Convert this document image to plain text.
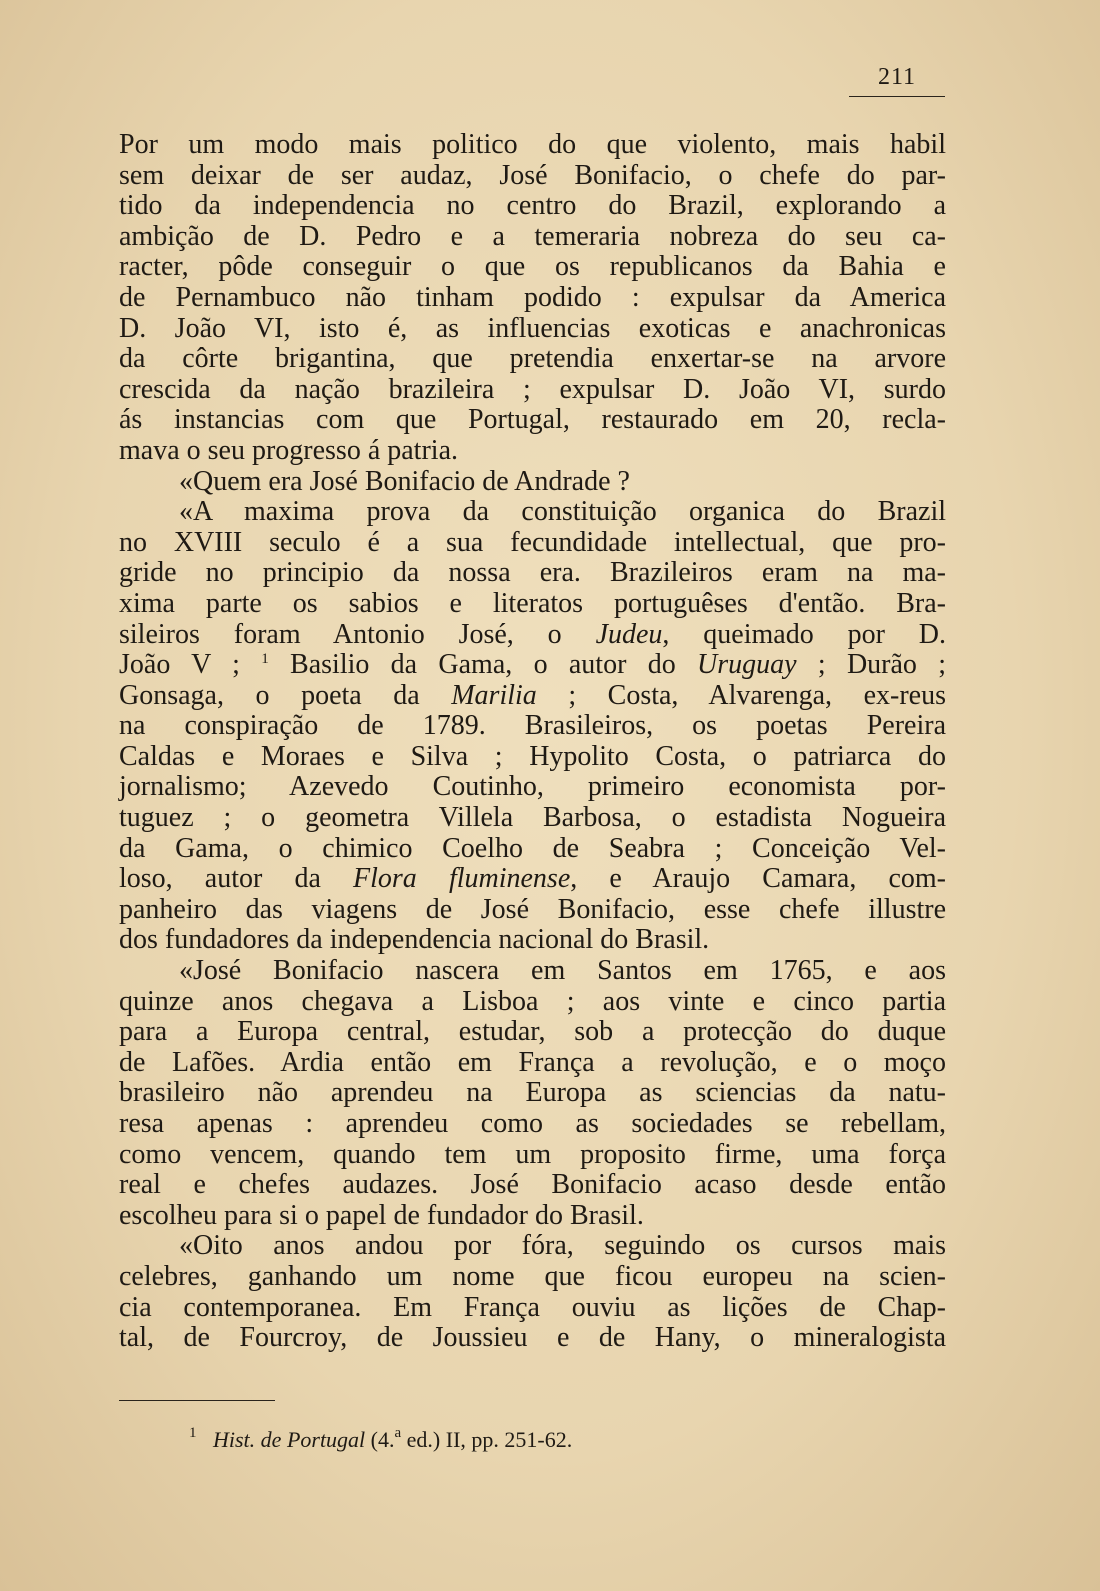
211
Por um modo mais politico do que violento, mais habil
sem deixar de ser audaz, José Bonifacio, o chefe do par-
tido da independencia no centro do Brazil, explorando a
ambição de D. Pedro e a temeraria nobreza do seu ca-
racter, pôde conseguir o que os republicanos da Bahia e
de Pernambuco não tinham podido : expulsar da America
D. João VI, isto é, as influencias exoticas e anachronicas
da côrte brigantina, que pretendia enxertar-se na arvore
crescida da nação brazileira ; expulsar D. João VI, surdo
ás instancias com que Portugal, restaurado em 20, recla-
mava o seu progresso á patria.
«Quem era José Bonifacio de Andrade ?
«A maxima prova da constituição organica do Brazil
no XVIII seculo é a sua fecundidade intellectual, que pro-
gride no principio da nossa era. Brazileiros eram na ma-
xima parte os sabios e literatos portuguêses d'então. Bra-
sileiros foram Antonio José, o Judeu, queimado por D.
João V ; $^1$ Basilio da Gama, o autor do Uruguay ; Durão ;
Gonsaga, o poeta da Marilia ; Costa, Alvarenga, ex-reus
na conspiração de 1789. Brasileiros, os poetas Pereira
Caldas e Moraes e Silva ; Hypolito Costa, o patriarca do
jornalismo; Azevedo Coutinho, primeiro economista por-
tuguez ; o geometra Villela Barbosa, o estadista Nogueira
da Gama, o chimico Coelho de Seabra ; Conceição Vel-
loso, autor da Flora fluminense, e Araujo Camara, com-
panheiro das viagens de José Bonifacio, esse chefe illustre
dos fundadores da independencia nacional do Brasil.
«José Bonifacio nascera em Santos em 1765, e aos
quinze anos chegava a Lisboa ; aos vinte e cinco partia
para a Europa central, estudar, sob a protecção do duque
de Lafões. Ardia então em França a revolução, e o moço
brasileiro não aprendeu na Europa as sciencias da natu-
resa apenas : aprendeu como as sociedades se rebellam,
como vencem, quando tem um proposito firme, uma força
real e chefes audazes. José Bonifacio acaso desde então
escolheu para si o papel de fundador do Brasil.
«Oito anos andou por fóra, seguindo os cursos mais
celebres, ganhando um nome que ficou europeu na scien-
cia contemporanea. Em França ouviu as lições de Chap-
tal, de Fourcroy, de Joussieu e de Hany, o mineralogista
$^1$ Hist. de Portugal (4.$^a$ ed.) II, pp. 251-62.
